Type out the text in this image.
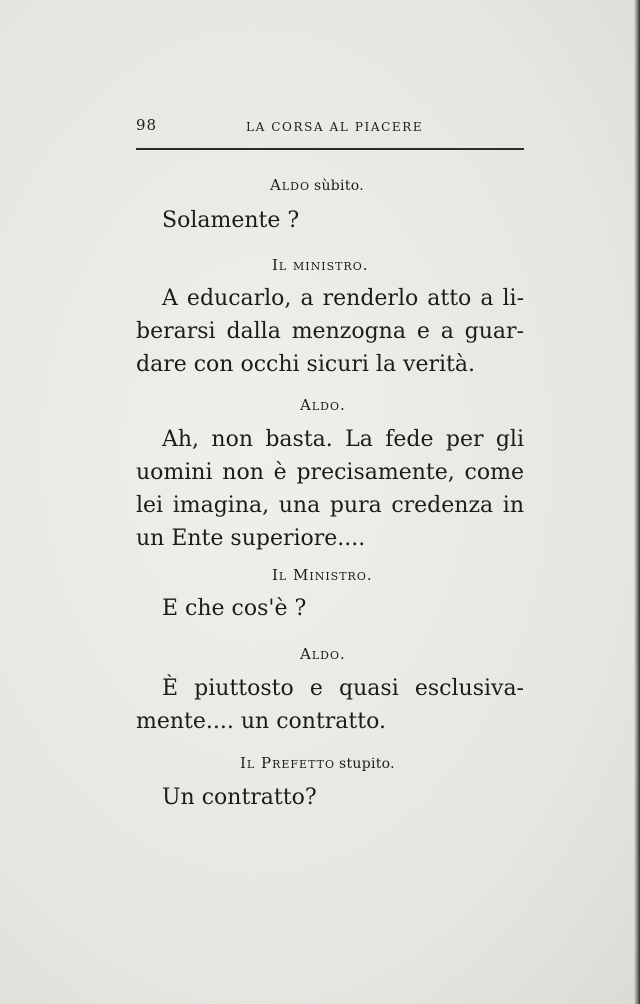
98	LA CORSA AL PIACERE
Aldo sùbito.
Solamente ?
Il ministro.
A educarlo, a renderlo atto a li-
berarsi dalla menzogna e a guar-
dare con occhi sicuri la verità.
Aldo.
Ah, non basta. La fede per gli
uomini non è precisamente, come
lei imagina, una pura credenza in
un Ente superiore....
Il Ministro.
E che cos'è ?
Aldo.
È piuttosto e quasi esclusiva-
mente.... un contratto.
Il Prefetto stupito.
Un contratto?
